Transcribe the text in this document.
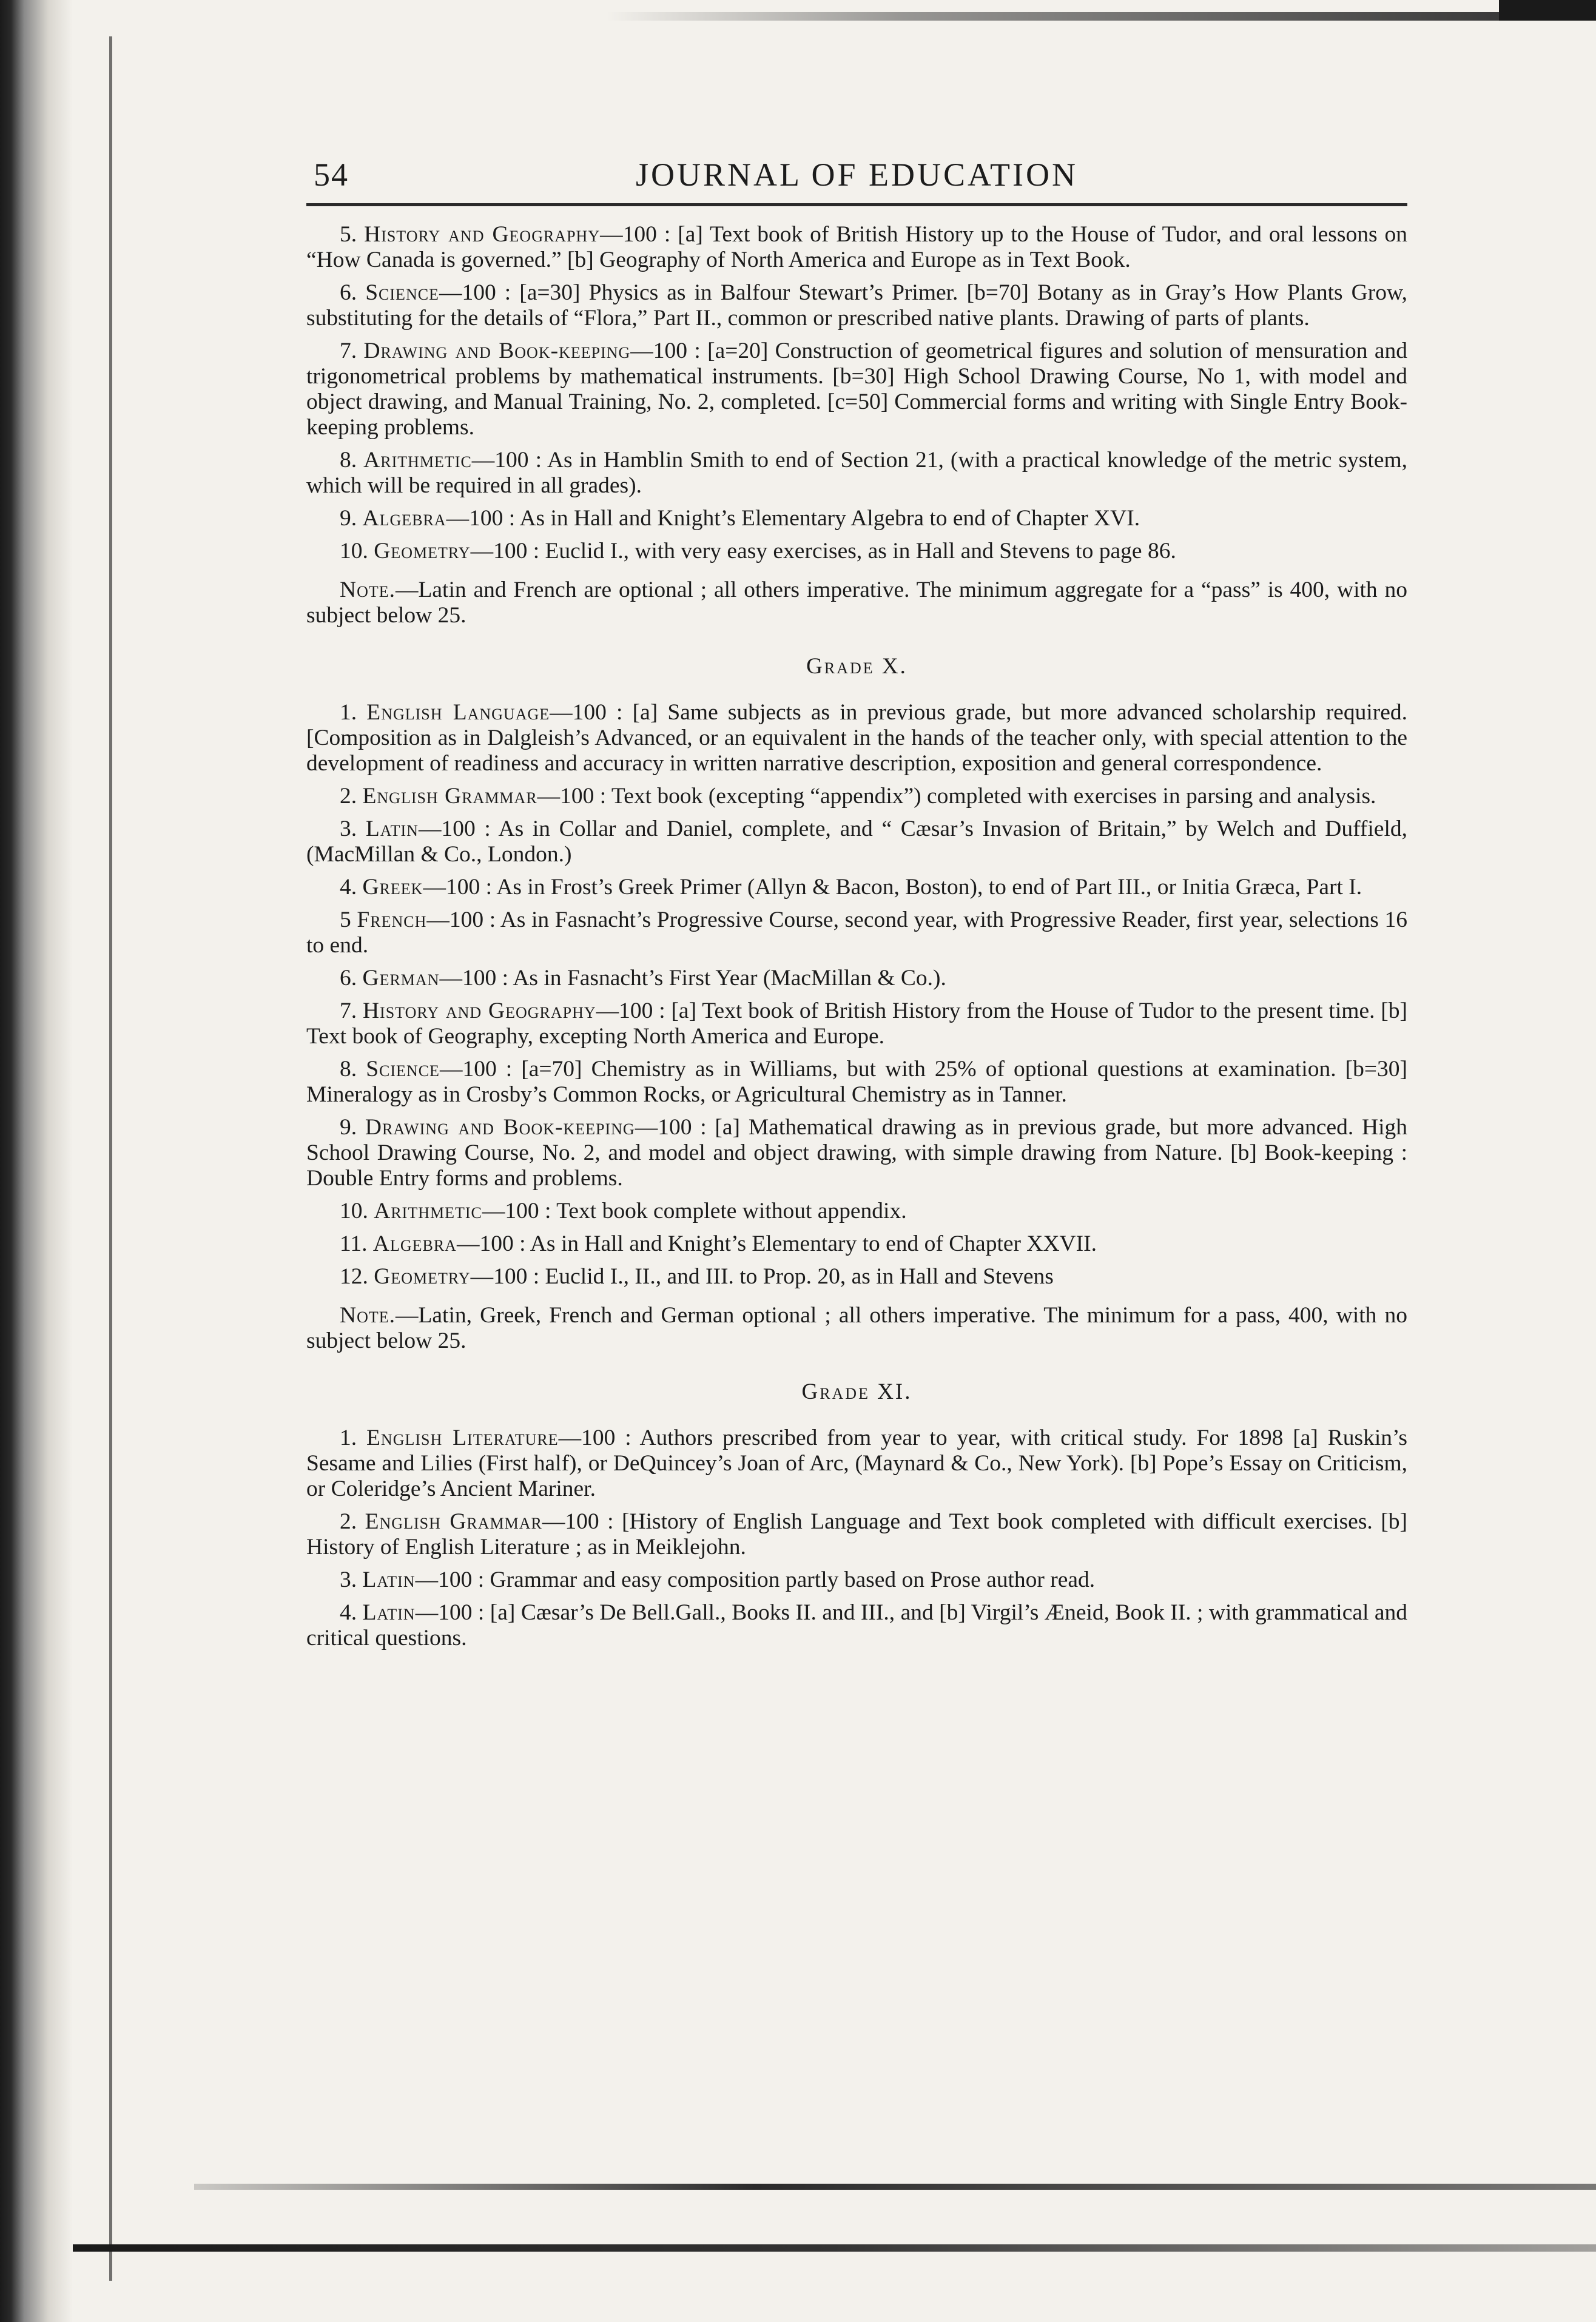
54	JOURNAL OF EDUCATION

5. History and Geography—100 : [a] Text book of British History up to the House of Tudor, and oral lessons on “How Canada is governed.” [b] Geography of North America and Europe as in Text Book.

6. Science—100 : [a=30] Physics as in Balfour Stewart’s Primer. [b=70] Botany as in Gray’s How Plants Grow, substituting for the details of “Flora,” Part II., common or prescribed native plants. Drawing of parts of plants.

7. Drawing and Book-keeping—100 : [a=20] Construction of geometrical figures and solution of mensuration and trigonometrical problems by mathematical instruments. [b=30] High School Drawing Course, No 1, with model and object drawing, and Manual Training, No. 2, completed. [c=50] Commercial forms and writing with Single Entry Book-keeping problems.

8. Arithmetic—100 : As in Hamblin Smith to end of Section 21, (with a practical knowledge of the metric system, which will be required in all grades).

9. Algebra—100 : As in Hall and Knight’s Elementary Algebra to end of Chapter XVI.

10. Geometry—100 : Euclid I., with very easy exercises, as in Hall and Stevens to page 86.

Note.—Latin and French are optional ; all others imperative. The minimum aggregate for a “pass” is 400, with no subject below 25.

Grade X.

1. English Language—100 : [a] Same subjects as in previous grade, but more advanced scholarship required. [Composition as in Dalgleish’s Advanced, or an equivalent in the hands of the teacher only, with special attention to the development of readiness and accuracy in written narrative description, exposition and general correspondence.

2. English Grammar—100 : Text book (excepting “appendix”) completed with exercises in parsing and analysis.

3. Latin—100 : As in Collar and Daniel, complete, and “ Cæsar’s Invasion of Britain,” by Welch and Duffield, (MacMillan & Co., London.)

4. Greek—100 : As in Frost’s Greek Primer (Allyn & Bacon, Boston), to end of Part III., or Initia Græca, Part I.

5 French—100 : As in Fasnacht’s Progressive Course, second year, with Progressive Reader, first year, selections 16 to end.

6. German—100 : As in Fasnacht’s First Year (MacMillan & Co.).

7. History and Geography—100 : [a] Text book of British History from the House of Tudor to the present time. [b] Text book of Geography, excepting North America and Europe.

8. Science—100 : [a=70] Chemistry as in Williams, but with 25% of optional questions at examination. [b=30] Mineralogy as in Crosby’s Common Rocks, or Agricultural Chemistry as in Tanner.

9. Drawing and Book-keeping—100 : [a] Mathematical drawing as in previous grade, but more advanced. High School Drawing Course, No. 2, and model and object drawing, with simple drawing from Nature. [b] Book-keeping : Double Entry forms and problems.

10. Arithmetic—100 : Text book complete without appendix.

11. Algebra—100 : As in Hall and Knight’s Elementary to end of Chapter XXVII.

12. Geometry—100 : Euclid I., II., and III. to Prop. 20, as in Hall and Stevens

Note.—Latin, Greek, French and German optional ; all others imperative. The minimum for a pass, 400, with no subject below 25.

Grade XI.

1. English Literature—100 : Authors prescribed from year to year, with critical study. For 1898 [a] Ruskin’s Sesame and Lilies (First half), or DeQuincey’s Joan of Arc, (Maynard & Co., New York). [b] Pope’s Essay on Criticism, or Coleridge’s Ancient Mariner.

2. English Grammar—100 : [History of English Language and Text book completed with difficult exercises. [b] History of English Literature ; as in Meiklejohn.

3. Latin—100 : Grammar and easy composition partly based on Prose author read.

4. Latin—100 : [a] Cæsar’s De Bell.Gall., Books II. and III., and [b] Virgil’s Æneid, Book II. ; with grammatical and critical questions.
